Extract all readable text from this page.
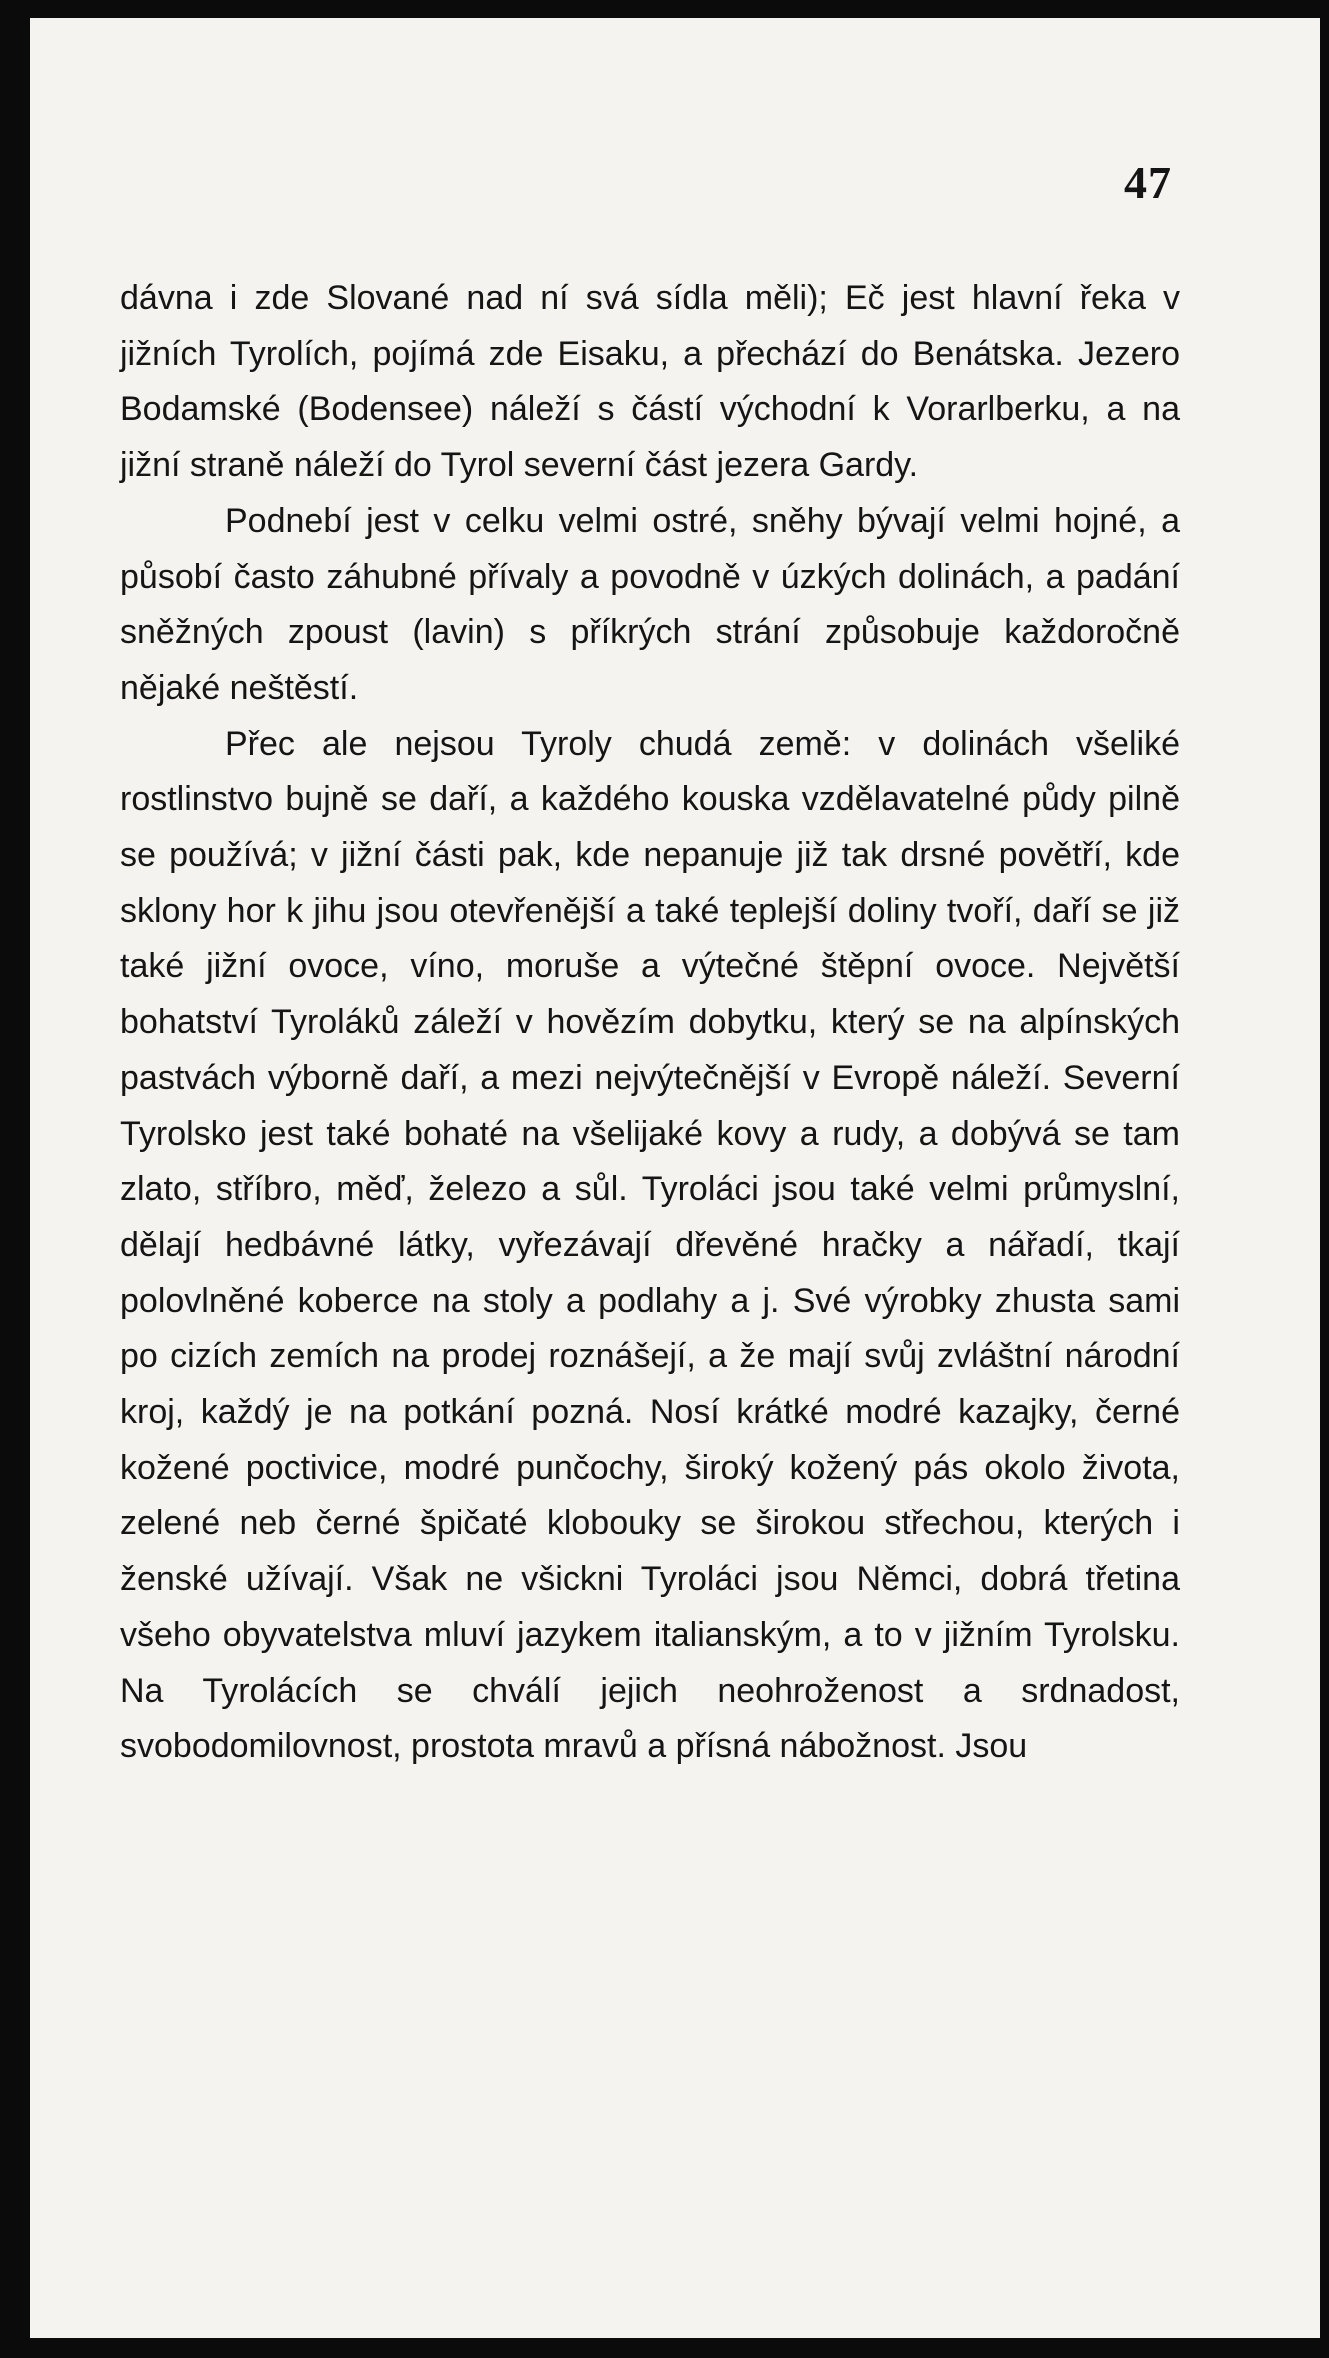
47

dávna i zde Slované nad ní svá sídla měli); Eč jest hlavní řeka v jižních Tyrolích, pojímá zde Eisaku, a přechází do Benátska. Jezero Bodamské (Bodensee) náleží s částí východní k Vorarlberku, a na jižní straně náleží do Tyrol severní část jezera Gardy.

Podnebí jest v celku velmi ostré, sněhy bývají velmi hojné, a působí často záhubné přívaly a povodně v úzkých dolinách, a padání sněžných zpoust (lavin) s příkrých strání způsobuje každoročně nějaké neštěstí.

Přec ale nejsou Tyroly chudá země: v dolinách všeliké rostlinstvo bujně se daří, a každého kouska vzdělavatelné půdy pilně se používá; v jižní části pak, kde nepanuje již tak drsné povětří, kde sklony hor k jihu jsou otevřenější a také teplejší doliny tvoří, daří se již také jižní ovoce, víno, moruše a výtečné štěpní ovoce. Největší bohatství Tyroláků záleží v hovězím dobytku, který se na alpínských pastvách výborně daří, a mezi nejvýtečnější v Evropě náleží. Severní Tyrolsko jest také bohaté na všelijaké kovy a rudy, a dobývá se tam zlato, stříbro, měď, železo a sůl. Tyroláci jsou také velmi průmyslní, dělají hedbávné látky, vyřezávají dřevěné hračky a nářadí, tkají polovlněné koberce na stoly a podlahy a j. Své výrobky zhusta sami po cizích zemích na prodej roznášejí, a že mají svůj zvláštní národní kroj, každý je na potkání pozná. Nosí krátké modré kazajky, černé kožené poctivice, modré punčochy, široký kožený pás okolo života, zelené neb černé špičaté klobouky se širokou střechou, kterých i ženské užívají. Však ne všickni Tyroláci jsou Němci, dobrá třetina všeho obyvatelstva mluví jazykem italianským, a to v jižním Tyrolsku. Na Tyrolácích se chválí jejich neohroženost a srdnadost, svobodomilovnost, prostota mravů a přísná nábožnost. Jsou
